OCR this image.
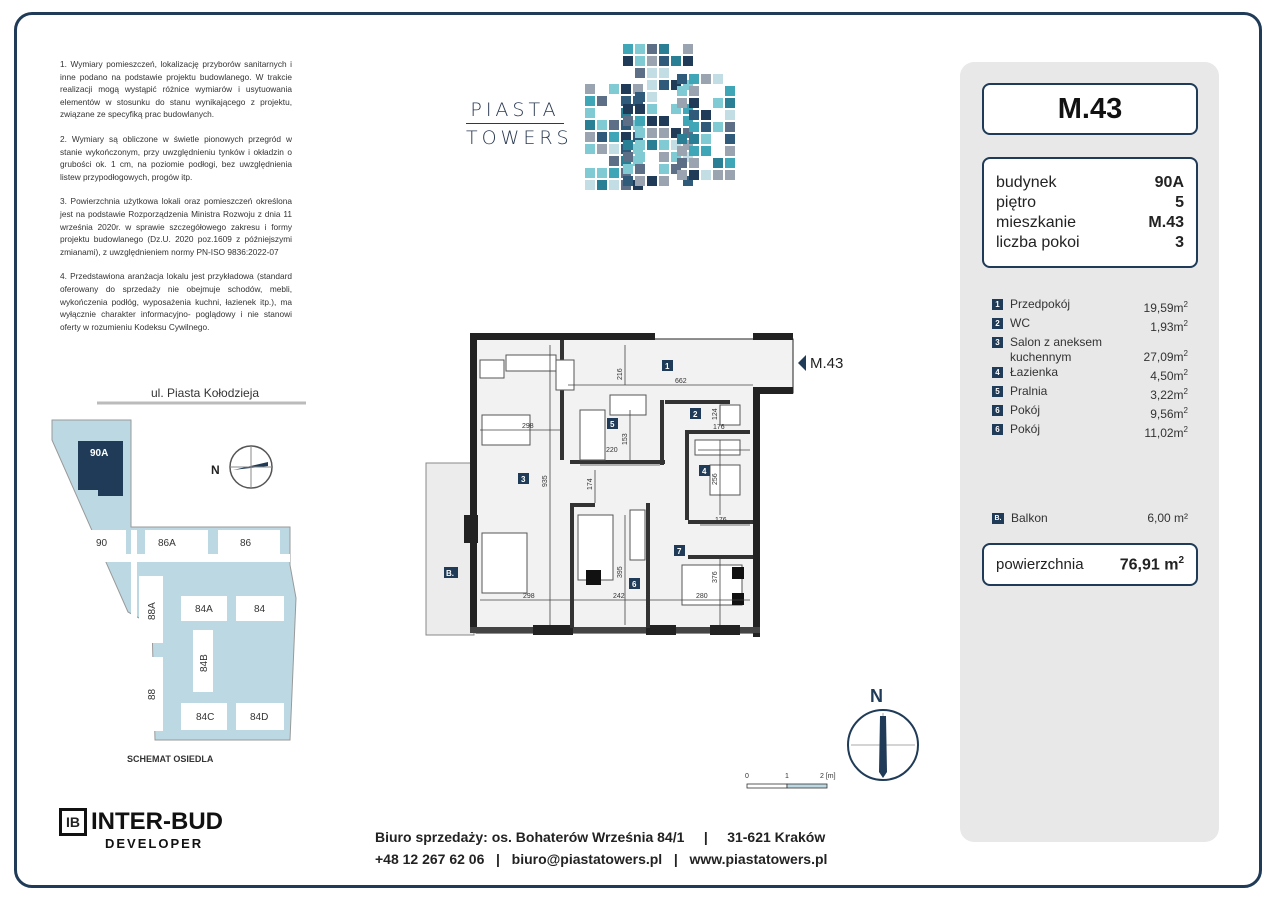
1. Wymiary pomieszczeń, lokalizację przyborów sanitarnych i inne podano na podstawie projektu budowlanego. W trakcie realizacji mogą wystąpić różnice wymiarów i usytuowania elementów w stosunku do stanu wynikającego z projektu, związane ze specyfiką prac budowlanych.

2. Wymiary są obliczone w świetle pionowych przegród w stanie wykończonym, przy uwzględnieniu tynków i okładzin o grubości ok. 1 cm, na poziomie podłogi, bez uwzględnienia listew przypodłogowych, progów itp.

3. Powierzchnia użytkowa lokali oraz pomieszczeń określona jest na podstawie Rozporządzenia Ministra Rozwoju z dnia 11 września 2020r. w sprawie szczegółowego zakresu i formy projektu budowlanego (Dz.U. 2020 poz.1609 z późniejszymi zmianami), z uwzględnieniem normy PN-ISO 9836:2022-07

4. Przedstawiona aranżacja lokalu jest przykładowa (standard oferowany do sprzedaży nie obejmuje schodów, mebli, wykończenia podłóg, wyposażenia kuchni, łazienek itp.), ma wyłącznie charakter informacyjno- poglądowy i nie stanowi oferty w rozumieniu Kodeksu Cywilnego.

PIASTA
TOWERS
ul. Piasta Kołodzieja
90A
90	86A	86
88A	84A	84
84B
88
84C	84D
N
SCHEMAT OSIEDLA
216
662
298
124
176
153
220
935	174	256
176
395
298	242	280
376
1
2
3
4
5
6
7
B.
M.43
N
0	1	2 [m]
M.43
budynek	90A
piętro	5
mieszkanie	M.43
liczba pokoi	3
1 Przedpokój	$19,59m^2$
2 WC	$1,93m^2$
3 Salon z aneksem kuchennym	$27,09m^2$
4 Łazienka	$4,50m^2$
5 Pralnia	$3,22m^2$
6 Pokój	$9,56m^2$
6 Pokój	$11,02m^2$
B. Balkon	6,00 m²
powierzchnia 76,91 $m^2$
IB INTER-BUD
DEVELOPER	Biuro sprzedaży: os. Bohaterów Września 84/1     |     31-621 Kraków
+48 12 267 62 06   |   biuro@piastatowers.pl   |   www.piastatowers.pl
